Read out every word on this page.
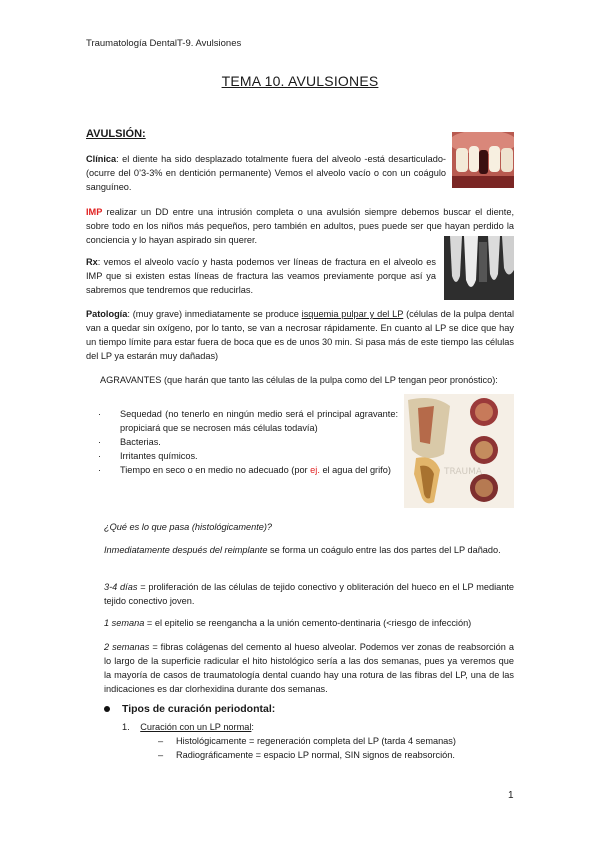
Traumatología DentalT-9. Avulsiones
TEMA 10. AVULSIONES
AVULSIÓN:
TRAUMA

Clínica: el diente ha sido desplazado totalmente fuera del alveolo -está desarticulado- (ocurre del 0’3-3% en dentición permanente) Vemos el alveolo vacío o con un coágulo sanguíneo.

IMP realizar un DD entre una intrusión completa o una avulsión siempre debemos buscar el diente, sobre todo en los niños más pequeños, pero también en adultos, pues puede ser que hayan perdido la conciencia y lo hayan aspirado sin querer.

Rx: vemos el alveolo vacío y hasta podemos ver líneas de fractura en el alveolo es IMP que si existen estas líneas de fractura las veamos previamente porque así ya sabremos que tendremos que reducirlas.

Patología: (muy grave) inmediatamente se produce isquemia pulpar y del LP (células de la pulpa dental van a quedar sin oxígeno, por lo tanto, se van a necrosar rápidamente. En cuanto al LP se dice que hay un tiempo límite para estar fuera de boca que es de unos 30 min. Si pasa más de este tiempo las células del LP ya estarán muy dañadas)

AGRAVANTES (que harán que tanto las células de la pulpa como del LP tengan peor pronóstico):

· Sequedad (no tenerlo en ningún medio será el principal agravante: propiciará que se necrosen más células todavía)
· Bacterias.
· Irritantes químicos.
· Tiempo en seco o en medio no adecuado (por ej. el agua del grifo)

¿Qué es lo que pasa (histológicamente)?

Inmediatamente después del reimplante se forma un coágulo entre las dos partes del LP dañado.

3-4 días = proliferación de las células de tejido conectivo y obliteración del hueco en el LP mediante tejido conectivo joven.

1 semana = el epitelio se reengancha a la unión cemento-dentinaria (<riesgo de infección)

2 semanas = fibras colágenas del cemento al hueso alveolar. Podemos ver zonas de reabsorción a lo largo de la superficie radicular el hito histológico sería a las dos semanas, pues ya veremos que la mayoría de casos de traumatología dental cuando hay una rotura de las fibras del LP, una de las indicaciones es dar clorhexidina durante dos semanas.

Tipos de curación periodontal:
1. Curación con un LP normal:
– Histológicamente = regeneración completa del LP (tarda 4 semanas)
– Radiográficamente = espacio LP normal, SIN signos de reabsorción.
1
